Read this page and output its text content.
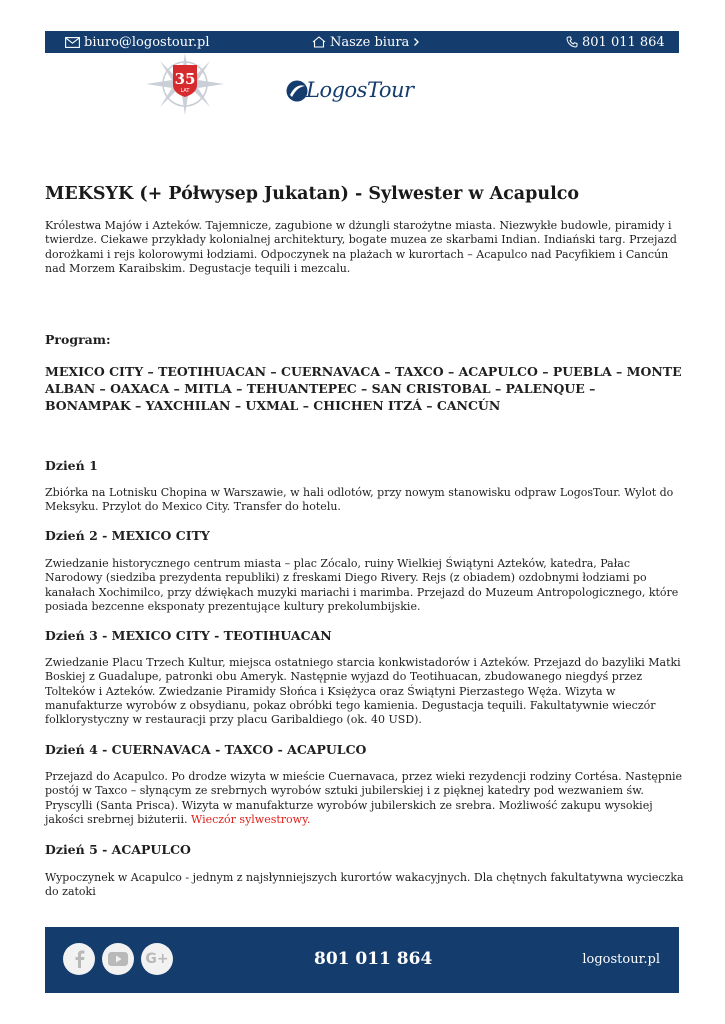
biuro@logostour.pl	Nasze biura	801 011 864
35
LAT	LogosTour
MEKSYK (+ Półwysep Jukatan) - Sylwester w Acapulco

Królestwa Majów i Azteków. Tajemnicze, zagubione w dżungli starożytne miasta. Niezwykłe budowle, piramidy i twierdze. Ciekawe przykłady kolonialnej architektury, bogate muzea ze skarbami Indian. Indiański targ. Przejazd dorożkami i rejs kolorowymi łodziami. Odpoczynek na plażach w kurortach – Acapulco nad Pacyfikiem i Cancún nad Morzem Karaibskim. Degustacje tequili i mezcalu.

Program:

MEXICO CITY – TEOTIHUACAN – CUERNAVACA – TAXCO – ACAPULCO – PUEBLA – MONTE ALBAN – OAXACA – MITLA – TEHUANTEPEC – SAN CRISTOBAL – PALENQUE – BONAMPAK – YAXCHILAN – UXMAL – CHICHEN ITZÁ – CANCÚN

Dzień 1

Zbiórka na Lotnisku Chopina w Warszawie, w hali odlotów, przy nowym stanowisku odpraw LogosTour. Wylot do Meksyku. Przylot do Mexico City. Transfer do hotelu.

Dzień 2 - MEXICO CITY

Zwiedzanie historycznego centrum miasta – plac Zócalo, ruiny Wielkiej Świątyni Azteków, katedra, Pałac Narodowy (siedziba prezydenta republiki) z freskami Diego Rivery. Rejs (z obiadem) ozdobnymi łodziami po kanałach Xochimilco, przy dźwiękach muzyki mariachi i marimba. Przejazd do Muzeum Antropologicznego, które posiada bezcenne eksponaty prezentujące kultury prekolumbijskie.

Dzień 3 - MEXICO CITY - TEOTIHUACAN

Zwiedzanie Placu Trzech Kultur, miejsca ostatniego starcia konkwistadorów i Azteków. Przejazd do bazyliki Matki Boskiej z Guadalupe, patronki obu Ameryk. Następnie wyjazd do Teotihuacan, zbudowanego niegdyś przez Tolteków i Azteków. Zwiedzanie Piramidy Słońca i Księżyca oraz Świątyni Pierzastego Węża. Wizyta w manufakturze wyrobów z obsydianu, pokaz obróbki tego kamienia. Degustacja tequili. Fakultatywnie wieczór folklorystyczny w restauracji przy placu Garibaldiego (ok. 40 USD).

Dzień 4 - CUERNAVACA - TAXCO - ACAPULCO

Przejazd do Acapulco. Po drodze wizyta w mieście Cuernavaca, przez wieki rezydencji rodziny Cortésa. Następnie postój w Taxco – słynącym ze srebrnych wyrobów sztuki jubilerskiej i z pięknej katedry pod wezwaniem św. Pryscylli (Santa Prisca). Wizyta w manufakturze wyrobów jubilerskich ze srebra. Możliwość zakupu wysokiej jakości srebrnej biżuterii. Wieczór sylwestrowy.

Dzień 5 - ACAPULCO

Wypoczynek w Acapulco - jednym z najsłynniejszych kurortów wakacyjnych. Dla chętnych fakultatywna wycieczka do zatoki

G+	801 011 864	logostour.pl
